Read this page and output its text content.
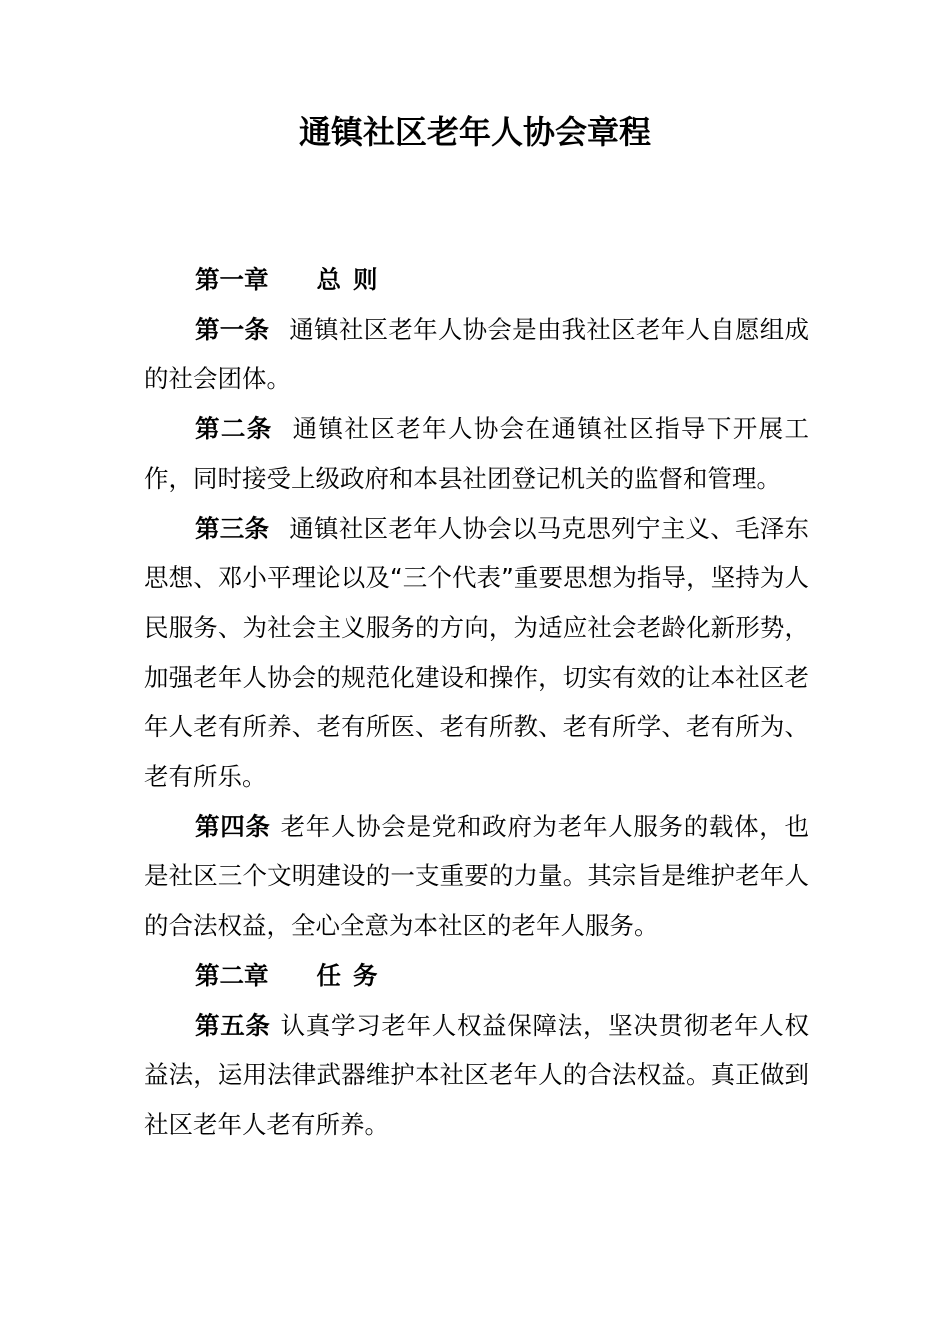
通镇社区老年人协会章程

第一章 总则

第一条 通镇社区老年人协会是由我社区老年人自愿组成的社会团体。

第二条 通镇社区老年人协会在通镇社区指导下开展工作，同时接受上级政府和本县社团登记机关的监督和管理。

第三条 通镇社区老年人协会以马克思列宁主义、毛泽东思想、邓小平理论以及“三个代表”重要思想为指导，坚持为人民服务、为社会主义服务的方向，为适应社会老龄化新形势，加强老年人协会的规范化建设和操作，切实有效的让本社区老年人老有所养、老有所医、老有所教、老有所学、老有所为、老有所乐。

第四条 老年人协会是党和政府为老年人服务的载体，也是社区三个文明建设的一支重要的力量。其宗旨是维护老年人的合法权益，全心全意为本社区的老年人服务。

第二章 任务

第五条 认真学习老年人权益保障法，坚决贯彻老年人权益法，运用法律武器维护本社区老年人的合法权益。真正做到社区老年人老有所养。
